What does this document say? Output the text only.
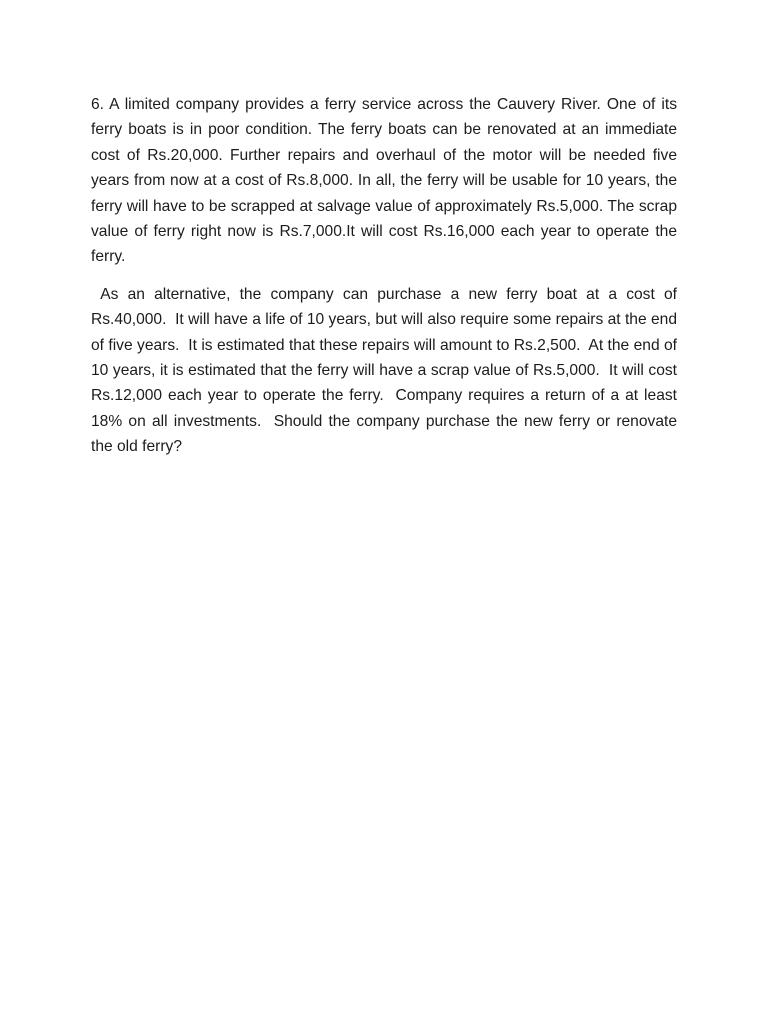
6. A limited company provides a ferry service across the Cauvery River. One of its ferry boats is in poor condition. The ferry boats can be renovated at an immediate cost of Rs.20,000. Further repairs and overhaul of the motor will be needed five years from now at a cost of Rs.8,000. In all, the ferry will be usable for 10 years, the ferry will have to be scrapped at salvage value of approximately Rs.5,000. The scrap value of ferry right now is Rs.7,000.It will cost Rs.16,000 each year to operate the ferry.

As an alternative, the company can purchase a new ferry boat at a cost of Rs.40,000.  It will have a life of 10 years, but will also require some repairs at the end of five years.  It is estimated that these repairs will amount to Rs.2,500.  At the end of 10 years, it is estimated that the ferry will have a scrap value of Rs.5,000.  It will cost Rs.12,000 each year to operate the ferry.  Company requires a return of a at least 18% on all investments.  Should the company purchase the new ferry or renovate the old ferry?
